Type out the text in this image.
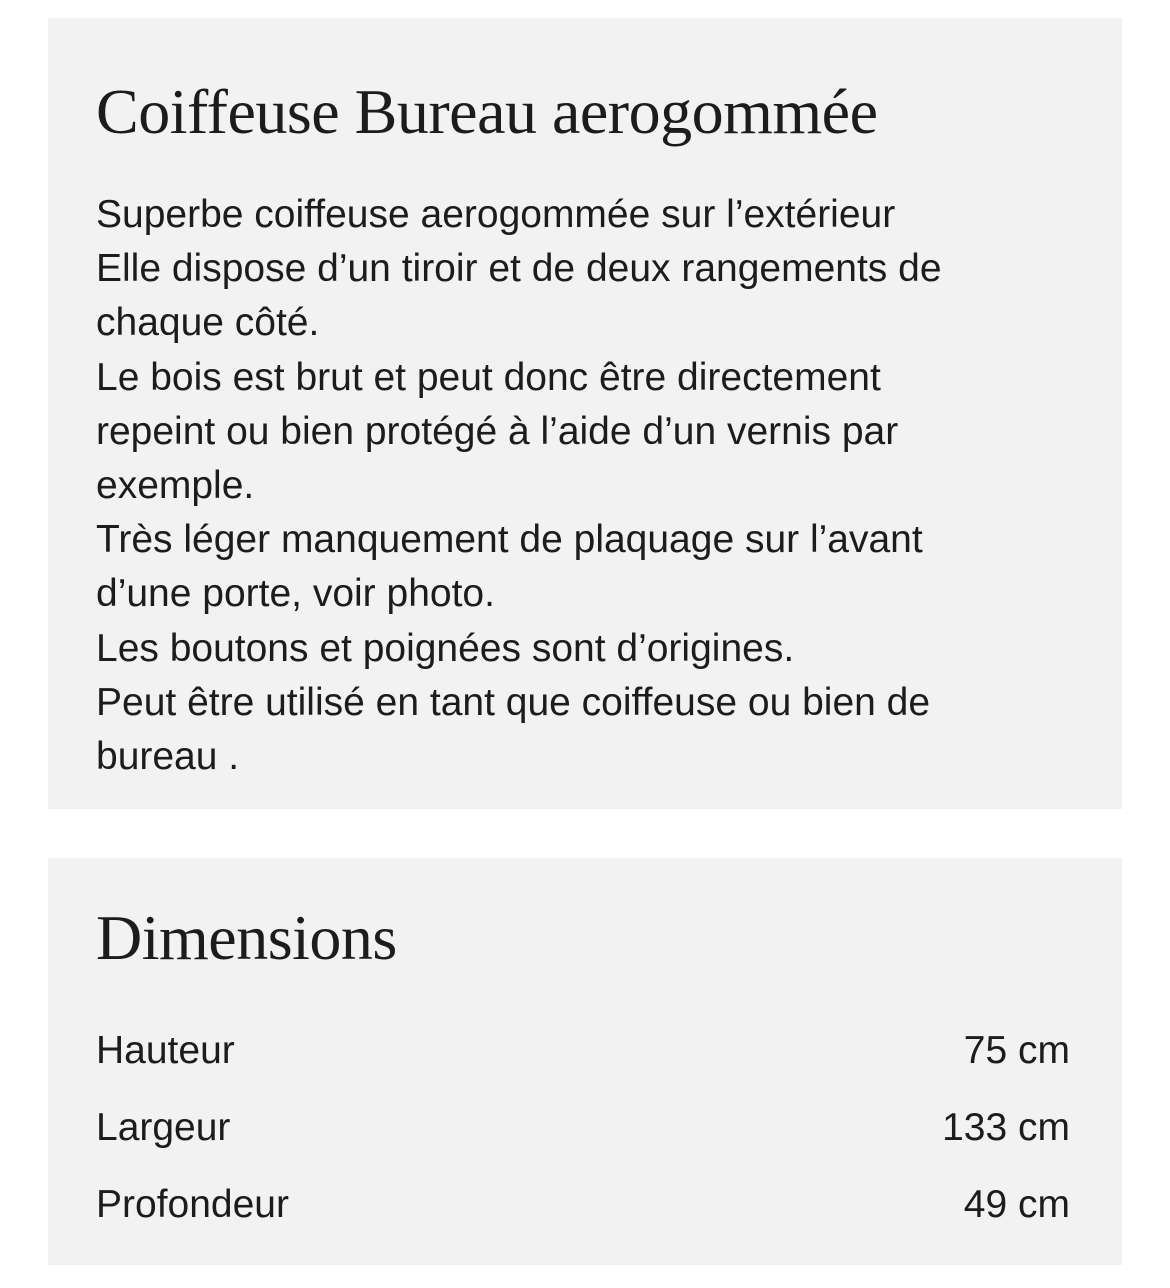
Coiffeuse Bureau aerogommée
Superbe coiffeuse aerogommée sur l’extérieur
Elle dispose d’un tiroir et de deux rangements de
chaque côté.
Le bois est brut et peut donc être directement
repeint ou bien protégé à l’aide d’un vernis par
exemple.
Très léger manquement de plaquage sur l’avant
d’une porte, voir photo.
Les boutons et poignées sont d’origines.
Peut être utilisé en tant que coiffeuse ou bien de
bureau .
Dimensions
Hauteur	75 cm
Largeur	133 cm
Profondeur	49 cm
